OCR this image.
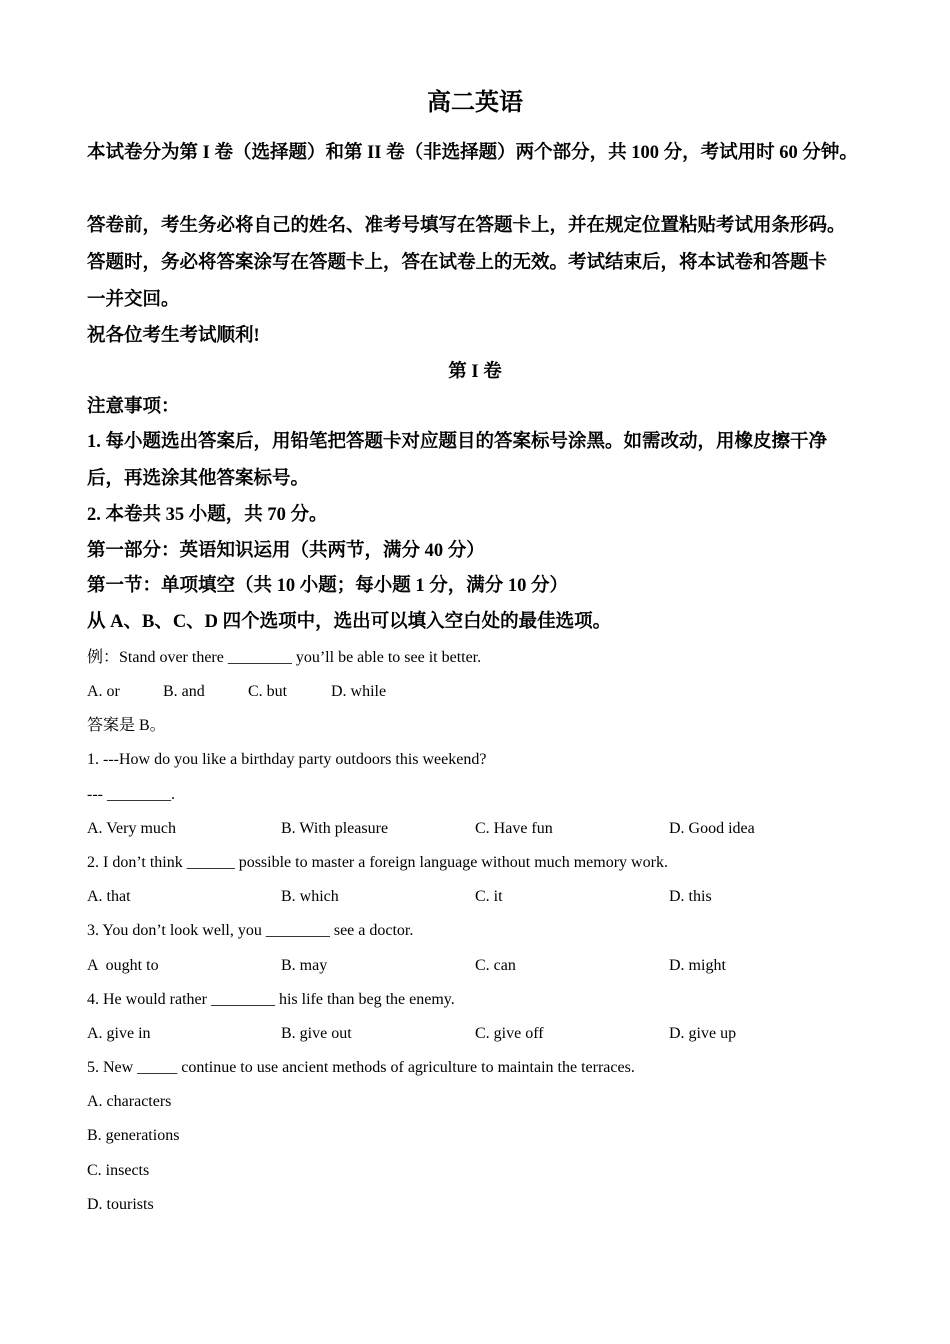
高二英语
本试卷分为第 I 卷（选择题）和第 II 卷（非选择题）两个部分，共 100 分，考试用时 60 分钟。
答卷前，考生务必将自己的姓名、准考号填写在答题卡上，并在规定位置粘贴考试用条形码。
答题时，务必将答案涂写在答题卡上，答在试卷上的无效。考试结束后，将本试卷和答题卡
一并交回。
祝各位考生考试顺利!
第 I 卷
注意事项：
1. 每小题选出答案后，用铅笔把答题卡对应题目的答案标号涂黑。如需改动，用橡皮擦干净
后，再选涂其他答案标号。
2. 本卷共 35 小题，共 70 分。
第一部分：英语知识运用（共两节，满分 40 分）
第一节：单项填空（共 10 小题；每小题 1 分，满分 10 分）
从 A、B、C、D 四个选项中，选出可以填入空白处的最佳选项。
例：Stand over there ________ you’ll be able to see it better.
A. or	B. and	C. but	D. while
答案是 B。
1. ---How do you like a birthday party outdoors this weekend?
--- ________.
A. Very much	B. With pleasure	C. Have fun	D. Good idea
2. I don’t think ______ possible to master a foreign language without much memory work.
A. that	B. which	C. it	D. this
3. You don’t look well, you ________ see a doctor.
A  ought to	B. may	C. can	D. might
4. He would rather ________ his life than beg the enemy.
A. give in	B. give out	C. give off	D. give up
5. New _____ continue to use ancient methods of agriculture to maintain the terraces.
A. characters
B. generations
C. insects
D. tourists
